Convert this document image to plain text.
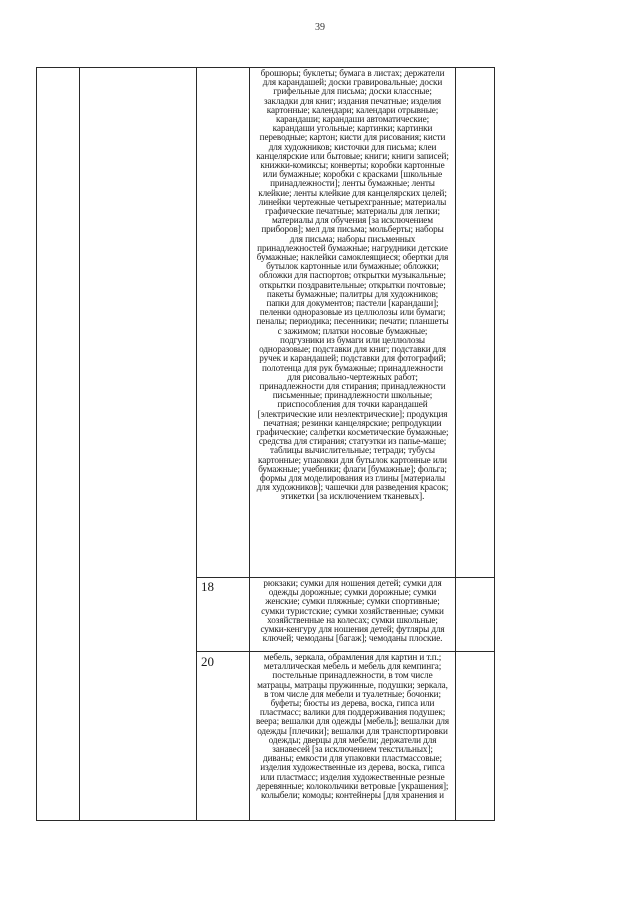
39
брошюры; буклеты; бумага в листах; держатели
для карандашей; доски гравировальные; доски
грифельные для письма; доски классные;
закладки для книг; издания печатные; изделия
картонные; календари; календари отрывные;
карандаши; карандаши автоматические;
карандаши угольные; картинки; картинки
переводные; картон; кисти для рисования; кисти
для художников; кисточки для письма; клеи
канцелярские или бытовые; книги; книги записей;
книжки-комиксы; конверты; коробки картонные
или бумажные; коробки с красками [школьные
принадлежности]; ленты бумажные; ленты
клейкие; ленты клейкие для канцелярских целей;
линейки чертежные четырехгранные; материалы
графические печатные; материалы для лепки;
материалы для обучения [за исключением
приборов]; мел для письма; мольберты; наборы
для письма; наборы письменных
принадлежностей бумажные; нагрудники детские
бумажные; наклейки самоклеящиеся; обертки для
бутылок картонные или бумажные; обложки;
обложки для паспортов; открытки музыкальные;
открытки поздравительные; открытки почтовые;
пакеты бумажные; палитры для художников;
папки для документов; пастели [карандаши];
пеленки одноразовые из целлюлозы или бумаги;
пеналы; периодика; песенники; печати; планшеты
с зажимом; платки носовые бумажные;
подгузники из бумаги или целлюлозы
одноразовые; подставки для книг; подставки для
ручек и карандашей; подставки для фотографий;
полотенца для рук бумажные; принадлежности
для рисовально-чертежных работ;
принадлежности для стирания; принадлежности
письменные; принадлежности школьные;
приспособления для точки карандашей
[электрические или неэлектрические]; продукция
печатная; резинки канцелярские; репродукции
графические; салфетки косметические бумажные;
средства для стирания; статуэтки из папье-маше;
таблицы вычислительные; тетради; тубусы
картонные; упаковки для бутылок картонные или
бумажные; учебники; флаги [бумажные]; фольга;
формы для моделирования из глины [материалы
для художников]; чашечки для разведения красок;
этикетки [за исключением тканевых].
18	рюкзаки; сумки для ношения детей; сумки для
одежды дорожные; сумки дорожные; сумки
женские; сумки пляжные; сумки спортивные;
сумки туристские; сумки хозяйственные; сумки
хозяйственные на колесах; сумки школьные;
сумки-кенгуру для ношения детей; футляры для
ключей; чемоданы [багаж]; чемоданы плоские.
20	мебель, зеркала, обрамления для картин и т.п.;
металлическая мебель и мебель для кемпинга;
постельные принадлежности, в том числе
матрацы, матрацы пружинные, подушки; зеркала,
в том числе для мебели и туалетные; бочонки;
буфеты; бюсты из дерева, воска, гипса или
пластмасс; валики для поддерживания подушек;
веера; вешалки для одежды [мебель]; вешалки для
одежды [плечики]; вешалки для транспортировки
одежды; дверцы для мебели; держатели для
занавесей [за исключением текстильных];
диваны; емкости для упаковки пластмассовые;
изделия художественные из дерева, воска, гипса
или пластмасс; изделия художественные резные
деревянные; колокольчики ветровые [украшения];
колыбели; комоды; контейнеры [для хранения и
